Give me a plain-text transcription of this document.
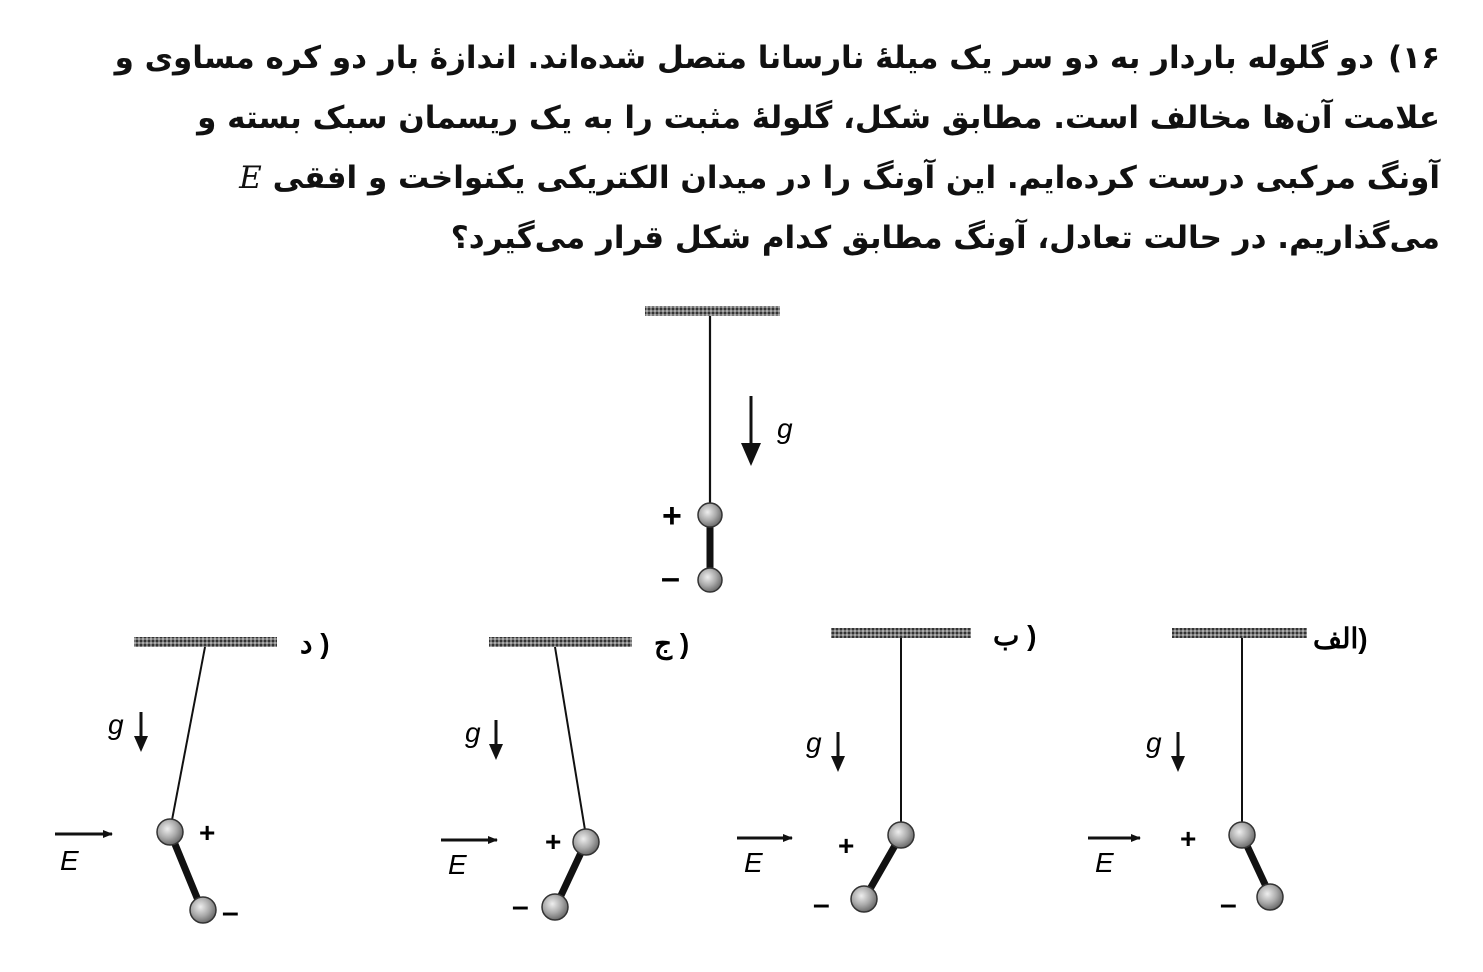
۱۶)دو گلوله باردار به دو سر یک میلهٔ نارسانا متصل شده‌اند. اندازهٔ بار دو کره مساوی و
علامت آن‌ها مخالف است. مطابق شکل، گلولهٔ مثبت را به یک ریسمان سبک بسته و
آونگ مرکبی درست کرده‌ایم. این آونگ را در میدان الکتریکی یکنواخت و افقی E
می‌گذاریم. در حالت تعادل، آونگ مطابق کدام شکل قرار می‌گیرد؟
g
+
–
الف)
g
E
+
–
ب )
g
E
+
–
ج )
g
E
+
–
د )
g
E
+
–
